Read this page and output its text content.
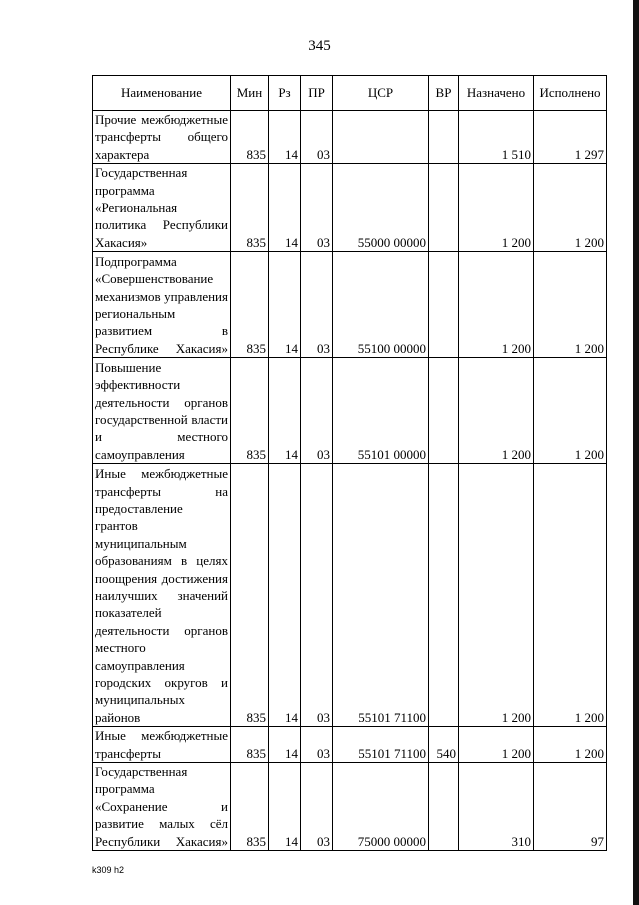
345
Наименование	Мин	Рз	ПР	ЦСР	ВР	Назначено	Исполнено
Прочие межбюджетные трансферты общего характера	835	14	03			1 510	1 297
Государственная программа «Региональная политика Республики Хакасия»	835	14	03	55000 00000		1 200	1 200
Подпрограмма «Совершенствование механизмов управления региональным развитием в Республике Хакасия»	835	14	03	55100 00000		1 200	1 200
Повышение эффективности деятельности органов государственной власти и местного самоуправления	835	14	03	55101 00000		1 200	1 200
Иные межбюджетные трансферты на предоставление грантов муниципальным образованиям в целях поощрения достижения наилучших значений показателей деятельности органов местного самоуправления городских округов и муниципальных районов	835	14	03	55101 71100		1 200	1 200
Иные межбюджетные трансферты	835	14	03	55101 71100	540	1 200	1 200
Государственная программа «Сохранение и развитие малых сёл Республики Хакасия»	835	14	03	75000 00000		310	97
k309 h2
